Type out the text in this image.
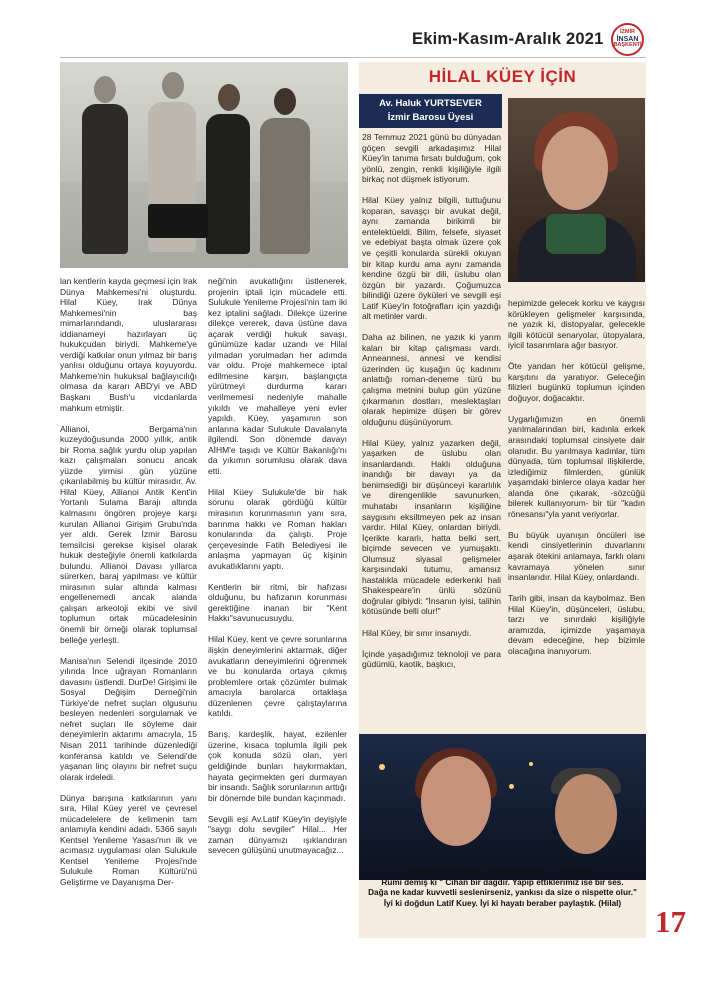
Ekim-Kasım-Aralık 2021	İZMİR
İNSAN
BAŞKENTİ
HİLAL KÜEY İÇİN
Av. Haluk YURTSEVER
İzmir Barosu Üyesi

lan kentlerin kayda geçmesi için Irak Dünya Mahkemesi'ni oluşturdu. Hilal Küey, Irak Dünya Mahkemesi'nin baş mimarlarındandı, uluslararası iddianameyi hazırlayan üç hukukçudan biriydi. Mahkeme'ye verdiği katkılar onun yılmaz bir barış yanlısı olduğunu ortaya koyuyordu. Mahkeme'nin hukuksal bağlayıcılığı olmasa da kararı ABD'yi ve ABD Başkanı Bush'u vicdanlarda mahkum etmiştir.

Allianoi, Bergama'nın kuzeydoğusunda 2000 yıllık, antik bir Roma sağlık yurdu olup yapılan kazı çalışmaları sonucu ancak yüzde yirmisi gün yüzüne çıkarılabilmiş bu kültür mirasıdır. Av. Hilal Küey, Allianoi Antik Kent'in Yortanlı Sulama Barajı altında kalmasını öngören projeye karşı kurulan Allianoi Girişim Grubu'nda yer aldı. Gerek İzmir Barosu temsilcisi gerekse kişisel olarak hukuk desteğiyle önemli katkılarda bulundu. Allianoi Davası yıllarca sürerken, baraj yapılması ve kültür mirasının sular altında kalması engellenemedi ancak alanda çalışan arkeoloji ekibi ve sivil toplumun ortak mücadelesinin önemli bir örneği olarak toplumsal belleğe yerleşti.

Manisa'nın Selendi ilçesinde 2010 yılında İnce uğrayan Romanların davasını üstlendi. DurDe! Girişimi ile Sosyal Değişim Derneği'nin Türkiye'de nefret suçları olgusunu besleyen nedenleri sorgulamak ve nefret suçları ile söyleme dair deneyimlerin aktarımı amacıyla, 15 Nisan 2011 tarihinde düzenlediği konferansa katıldı ve Selendi'de yaşanan linç olayını bir nefret suçu olarak irdeledi.

Dünya barışına katkılarının yanı sıra, Hilal Küey yerel ve çevresel mücadelelere de kelimenin tam anlamıyla kendini adadı. 5366 sayılı Kentsel Yenileme Yasası'nın ilk ve acımasız uygulaması olan Sulukule Kentsel Yenileme Projesi'nde Sulukule Roman Kültürü'nü Geliştirme ve Dayanışma Der-

neği'nin avukatlığını üstlenerek, projenin iptali için mücadele etti. Sulukule Yenileme Projesi'nin tam iki kez iptalini sağladı. Dilekçe üzerine dilekçe vererek, dava üstüne dava açarak verdiği hukuk savaşı, günümüze kadar uzandı ve Hilal yılmadan yorulmadan her adımda var oldu. Proje mahkemece iptal edilmesine karşın, başlangıçta yürütmeyi durdurma kararı verilmemesi nedeniyle mahalle yıkıldı ve mahalleye yeni evler yapıldı. Küey, yaşamının son anlarına kadar Sulukule Davalarıyla ilgilendi. Son dönemde davayı AİHM'e taşıdı ve Kültür Bakanlığı'nı da yıkımın sorumlusu olarak dava etti.

Hilal Küey Sulukule'de bir hak sorunu olarak gördüğü kültür mirasının korunmasının yanı sıra, barınma hakkı ve Roman hakları konularında da çalıştı. Proje çerçevesinde Fatih Belediyesi ile anlaşma yapmayan üç kişinin avukatlıklarını yaptı.

Kentlerin bir ritmi, bir hafızası olduğunu, bu hafızanın korunması gerektiğine inanan bir "Kent Hakkı"savunucusuydu.

Hilal Küey, kent ve çevre sorunlarına ilişkin deneyimlerini aktarmak, diğer avukatların deneyimlerini öğrenmek ve bu konularda ortaya çıkmış problemlere ortak çözümler bulmak amacıyla barolarca ortaklaşa düzenlenen çevre çalıştaylarına katıldı.

Barış, kardeşlik, hayat, ezilenler üzerine, kısaca toplumla ilgili pek çok konuda sözü olan, yeri geldiğinde bunları haykırmaktan, hayata geçirmekten geri durmayan bir insandı. Sağlık sorunlarının arttığı bir dönemde bile bundan kaçınmadı.

Sevgili eşi Av.Latif Küey'in deyişiyle "saygı dolu sevgiler" Hilal... Her zaman dünyamızı ışıklandıran sevecen gülüşünü unutmayacağız...

28 Temmuz 2021 günü bu dünyadan göçen sevgili arkadaşımız Hilal Küey'in tanıma fırsatı bulduğum, çok yönlü, zengin, renkli kişiliğiyle ilgili birkaç not düşmek istiyorum.

Hilal Küey yalnız bilgili, tuttuğunu koparan, savaşçı bir avukat değil, aynı zamanda birikimli bir entelektüeldi. Bilim, felsefe, siyaset ve edebiyat başta olmak üzere çok ve çeşitli konularda sürekli okuyan bir kitap kurdu ama aynı zamanda kendine özgü bir dili, üslubu olan özgün bir yazardı. Çoğumuzca bilindiği üzere öyküleri ve sevgili eşi Latif Küey'in fotoğrafları için yazdığı alt metinler vardı.

Daha az bilinen, ne yazık ki yarım kalan bir kitap çalışması vardı. Anneannesi, annesi ve kendisi üzerinden üç kuşağın üç kadınını anlattığı roman-deneme türü bu çalışma metnini bulup gün yüzüne çıkarmanın dostları, meslektaşları olarak hepimize düşen bir görev olduğunu düşünüyorum.

Hilal Küey, yalnız yazarken değil, yaşarken de üslubu olan insanlardandı. Haklı olduğuna inandığı bir davayı ya da benimsediği bir düşünceyi kararlılık ve direngenlikle savunurken, muhatabı insanların kişiliğine saygısını eksiltmeyen pek az insan vardır. Hilal Küey, onlardan biriydi. İçerikte kararlı, hatta belki sert, biçimde sevecen ve yumuşaktı. Olumsuz siyasal gelişmeler karşısındaki tutumu, amansız hastalıkla mücadele ederkenki hali Shakespeare'in ünlü sözünü doğrular gibiydi: "İnsanın iyisi, talihin kötüsünde belli olur!"

Hilal Küey, bir sınır insanıydı.

İçinde yaşadığımız teknoloji ve para güdümlü, kaotik, başkıcı,

hepimizde gelecek korku ve kaygısı körükleyen gelişmeler karşısında, ne yazık ki, distopyalar, gelecekle ilgili kötücül senaryolar, ütopyalara, iyicil tasarımlara ağır basıyor.

Öte yandan her kötücül gelişme, karşıtını da yaratıyor. Geleceğin filizleri bugünkü toplumun içinden doğuyor, doğacaktır.

Uygarlığımızın en önemli yarılmalarından biri, kadınla erkek arasındaki toplumsal cinsiyete dair olanıdır. Bu yarılmaya kadınlar, tüm dünyada, tüm toplumsal ilişkilerde, izlediğimiz filmlerden, günlük yaşamdaki binlerce olaya kadar her alanda öne çıkarak, -sözcüğü bilerek kullanıyorum- bir tür "kadın rönesansı"yla yanıt veriyorlar.

Bu büyük uyanışın öncüleri ise kendi cinsiyetlerinin duvarlarını aşarak ötekini anlamaya, farklı olanı kavramaya yönelen sınır insanlarıdır. Hilal Küey, onlardandı.

Tarih gibi, insan da kaybolmaz. Ben Hilal Küey'in, düşünceleri, üslubu, tarzı ve sınırdaki kişiliğiyle aramızda, içimizde yaşamaya devam edeceğine, hep bizimle olacağına inanıyorum.

BUGÜN DÜNYANIN DOĞUM GÜNÜ. LATİF'İN DE.
Rumi demiş ki " Cihan bir dağdır. Yapıp ettiklerimiz ise bir ses.
Dağa ne kadar kuvvetli seslenirseniz, yankısı da size o nispette olur."
İyi ki doğdun Latif Kuey. İyi ki hayatı beraber paylaştık. (Hilal)
17
